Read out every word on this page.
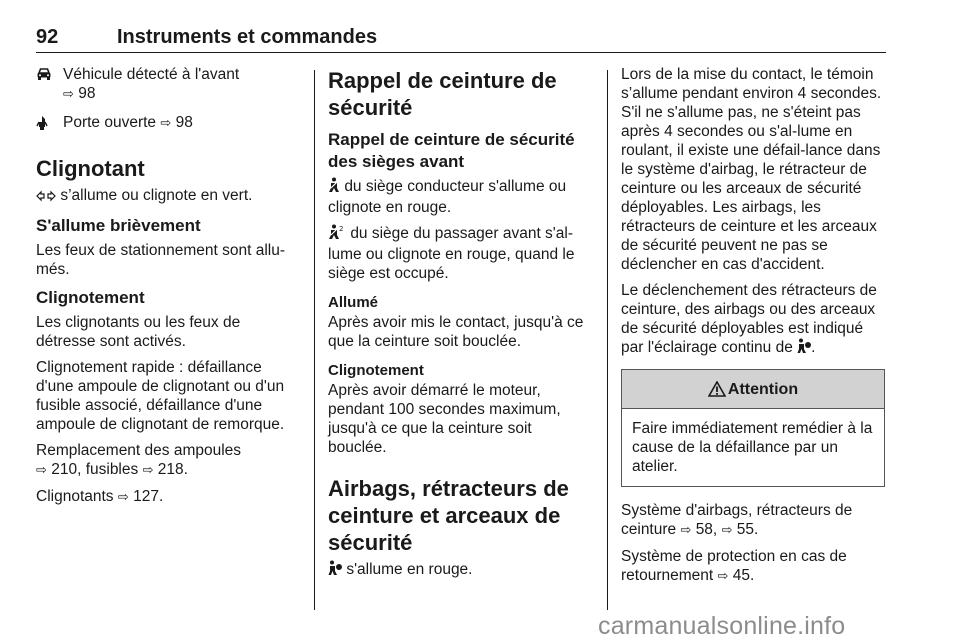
92	Instruments et commandes
Véhicule détecté à l'avant
⇨ 98
Porte ouverte ⇨ 98
Clignotant

s’allume ou clignote en vert.

S'allume brièvement

Les feux de stationnement sont allu-més.

Clignotement

Les clignotants ou les feux de détresse sont activés.

Clignotement rapide : défaillance d'une ampoule de clignotant ou d'un fusible associé, défaillance d'une ampoule de clignotant de remorque.

Remplacement des ampoules
⇨ 210, fusibles ⇨ 218.

Clignotants ⇨ 127.

Rappel de ceinture de sécurité
Rappel de ceinture de sécurité des sièges avant

du siège conducteur s'allume ou clignote en rouge.

2 du siège du passager avant s'al-lume ou clignote en rouge, quand le siège est occupé.

Allumé

Après avoir mis le contact, jusqu'à ce que la ceinture soit bouclée.

Clignotement

Après avoir démarré le moteur, pendant 100 secondes maximum, jusqu'à ce que la ceinture soit bouclée.

Airbags, rétracteurs de ceinture et arceaux de sécurité

s'allume en rouge.

Lors de la mise du contact, le témoin s’allume pendant environ 4 secondes. S'il ne s'allume pas, ne s'éteint pas après 4 secondes ou s'al-lume en roulant, il existe une défail-lance dans le système d'airbag, le rétracteur de ceinture ou les arceaux de sécurité déployables. Les airbags, les rétracteurs de ceinture et les arceaux de sécurité peuvent ne pas se déclencher en cas d'accident.

Le déclenchement des rétracteurs de ceinture, des airbags ou des arceaux de sécurité déployables est indiqué par l'éclairage continu de .

Attention
Faire immédiatement remédier à la cause de la défaillance par un atelier.

Système d'airbags, rétracteurs de ceinture ⇨ 58, ⇨ 55.

Système de protection en cas de retournement ⇨ 45.

carmanualsonline.info
